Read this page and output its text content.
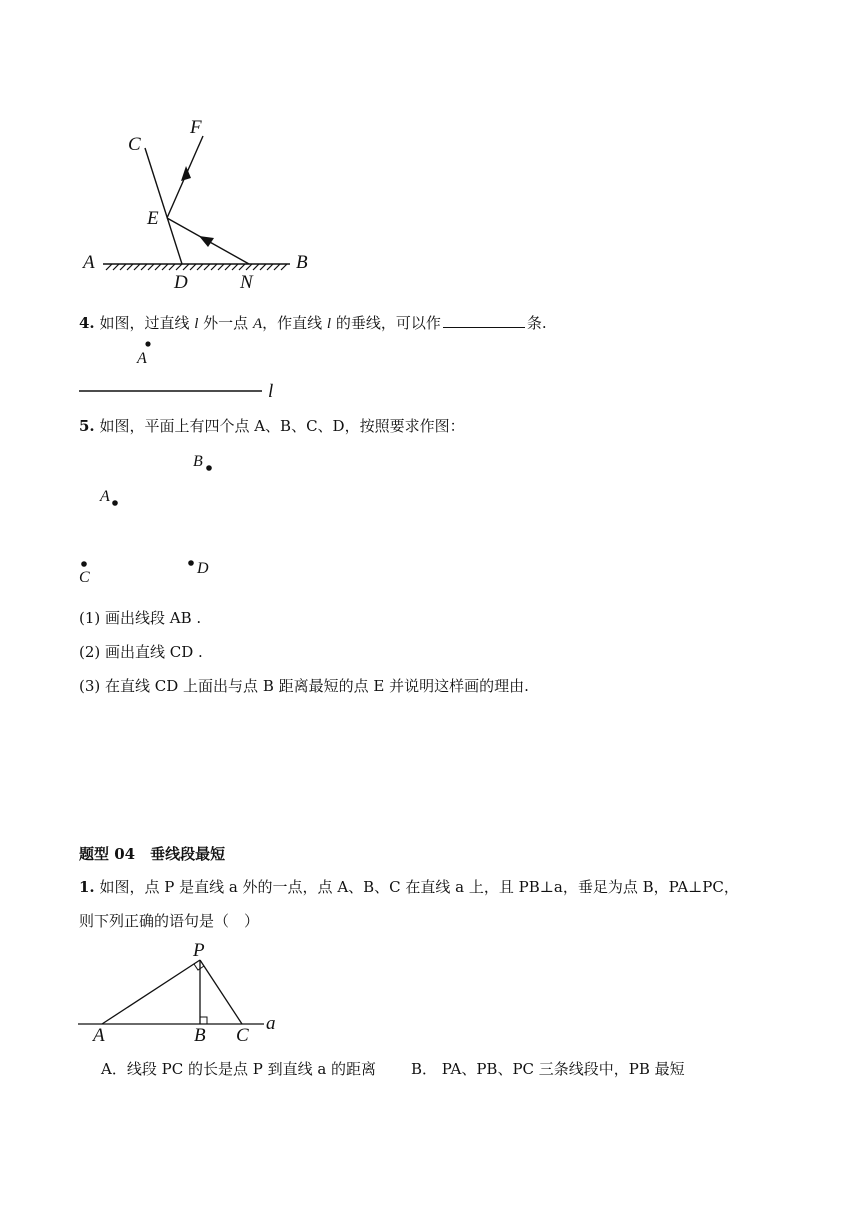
C
F
E
A	B
D	N
4. 如图，过直线 l 外一点 A，作直线 l 的垂线，可以作	条.
A
l
5. 如图，平面上有四个点 A、B、C、D，按照要求作图：
B
A
C
D
(1) 画出线段 AB .
(2) 画出直线 CD .
(3) 在直线 CD 上面出与点 B 距离最短的点 E 并说明这样画的理由.
题型 04　垂线段最短
1. 如图，点 P 是直线 a 外的一点，点 A、B、C 在直线 a 上，且 PB⊥a，垂足为点 B，PA⊥PC，
则下列正确的语句是（　）
P
A	B C
a
A．线段 PC 的长是点 P 到直线 a 的距离 B． PA、PB、PC 三条线段中，PB 最短
